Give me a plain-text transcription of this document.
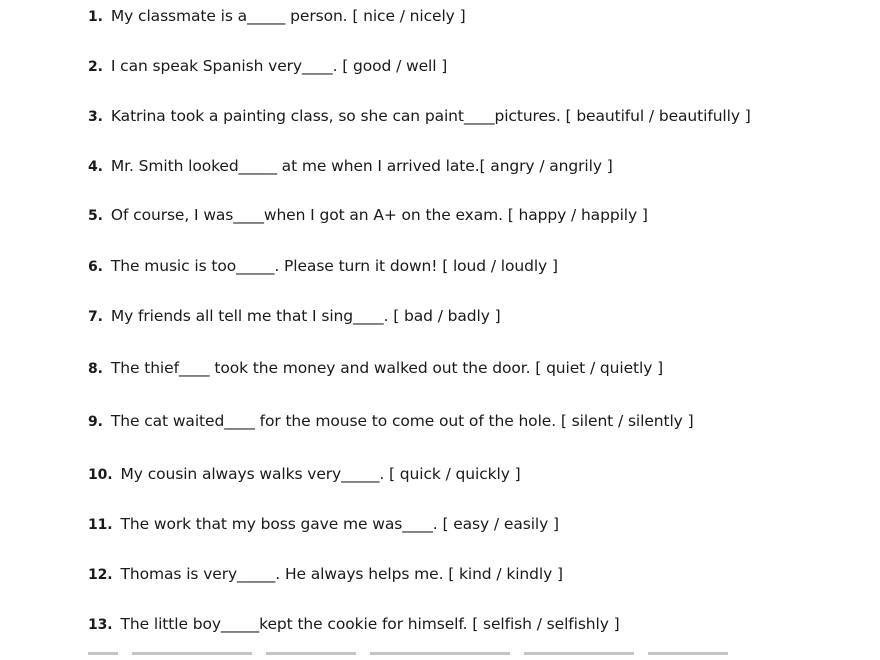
1. My classmate is a_____ person. [ nice / nicely ]
2. I can speak Spanish very____. [ good / well ]
3. Katrina took a painting class, so she can paint____pictures. [ beautiful / beautifully ]
4. Mr. Smith looked_____ at me when I arrived late.[ angry / angrily ]
5. Of course, I was____when I got an A+ on the exam. [ happy / happily ]
6. The music is too_____. Please turn it down! [ loud / loudly ]
7. My friends all tell me that I sing____. [ bad / badly ]
8. The thief____ took the money and walked out the door. [ quiet / quietly ]
9. The cat waited____ for the mouse to come out of the hole. [ silent / silently ]
10. My cousin always walks very_____. [ quick / quickly ]
11. The work that my boss gave me was____. [ easy / easily ]
12. Thomas is very_____. He always helps me. [ kind / kindly ]
13. The little boy_____kept the cookie for himself. [ selfish / selfishly ]
